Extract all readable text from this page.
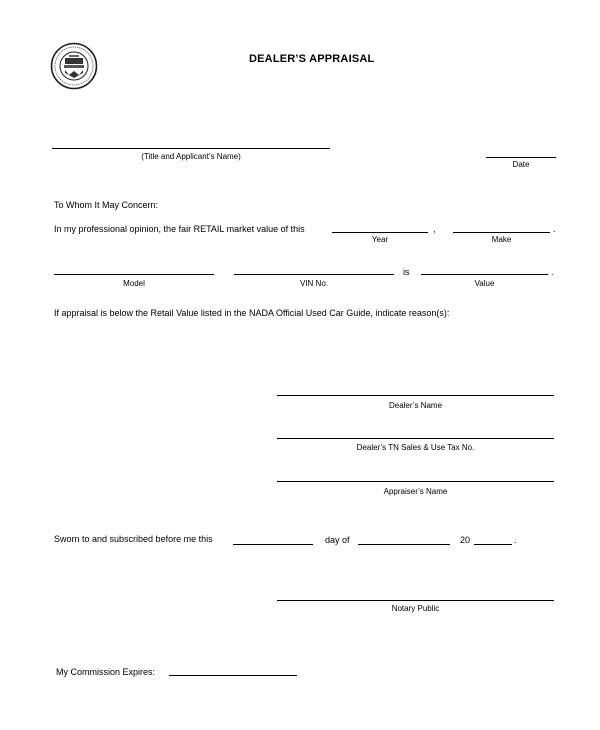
DEALER’S APPRAISAL
(Title and Applicant’s Name)
Date
To Whom It May Concern:
In my professional opinion, the fair RETAIL market value of this	,
Year
.
Make
Model	VIN No.
is	.
Value
If appraisal is below the Retail Value listed in the NADA Official Used Car Guide, indicate reason(s):
Dealer’s Name
Dealer’s TN Sales & Use Tax No.
Appraiser’s Name
Sworn to and subscribed before me this	day of	20	.
Notary Public
My Commission Expires:
